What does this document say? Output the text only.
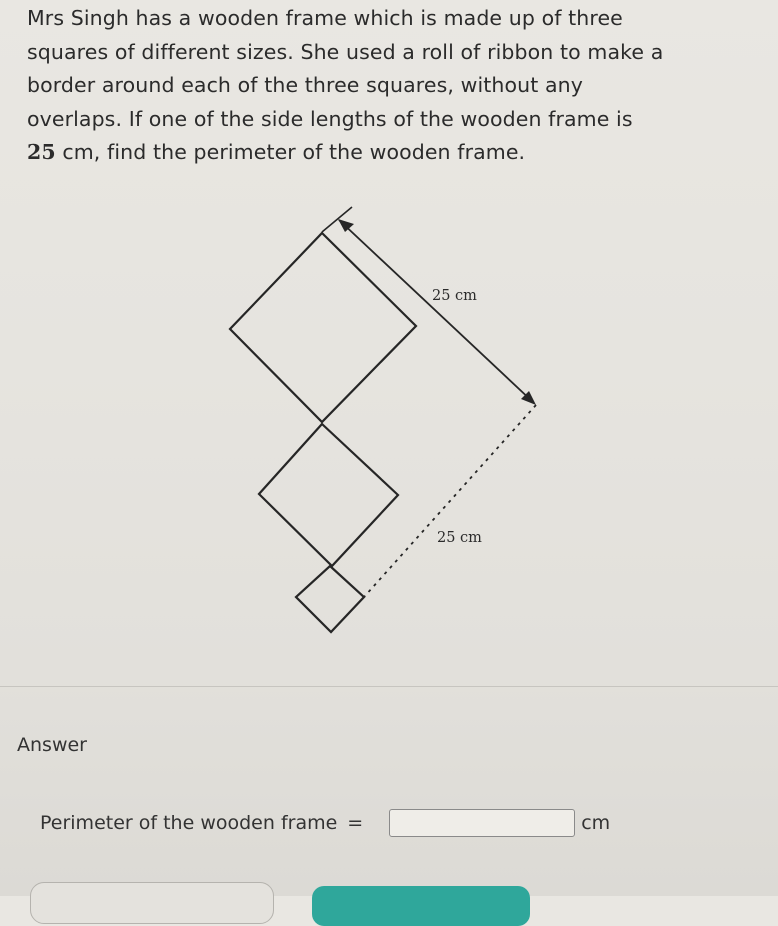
Mrs Singh has a wooden frame which is made up of three
squares of different sizes. She used a roll of ribbon to make a
border around each of the three squares, without any
overlaps. If one of the side lengths of the wooden frame is
25 cm, find the perimeter of the wooden frame.

25 cm
25 cm
Answer
Perimeter of the wooden frame =	cm
